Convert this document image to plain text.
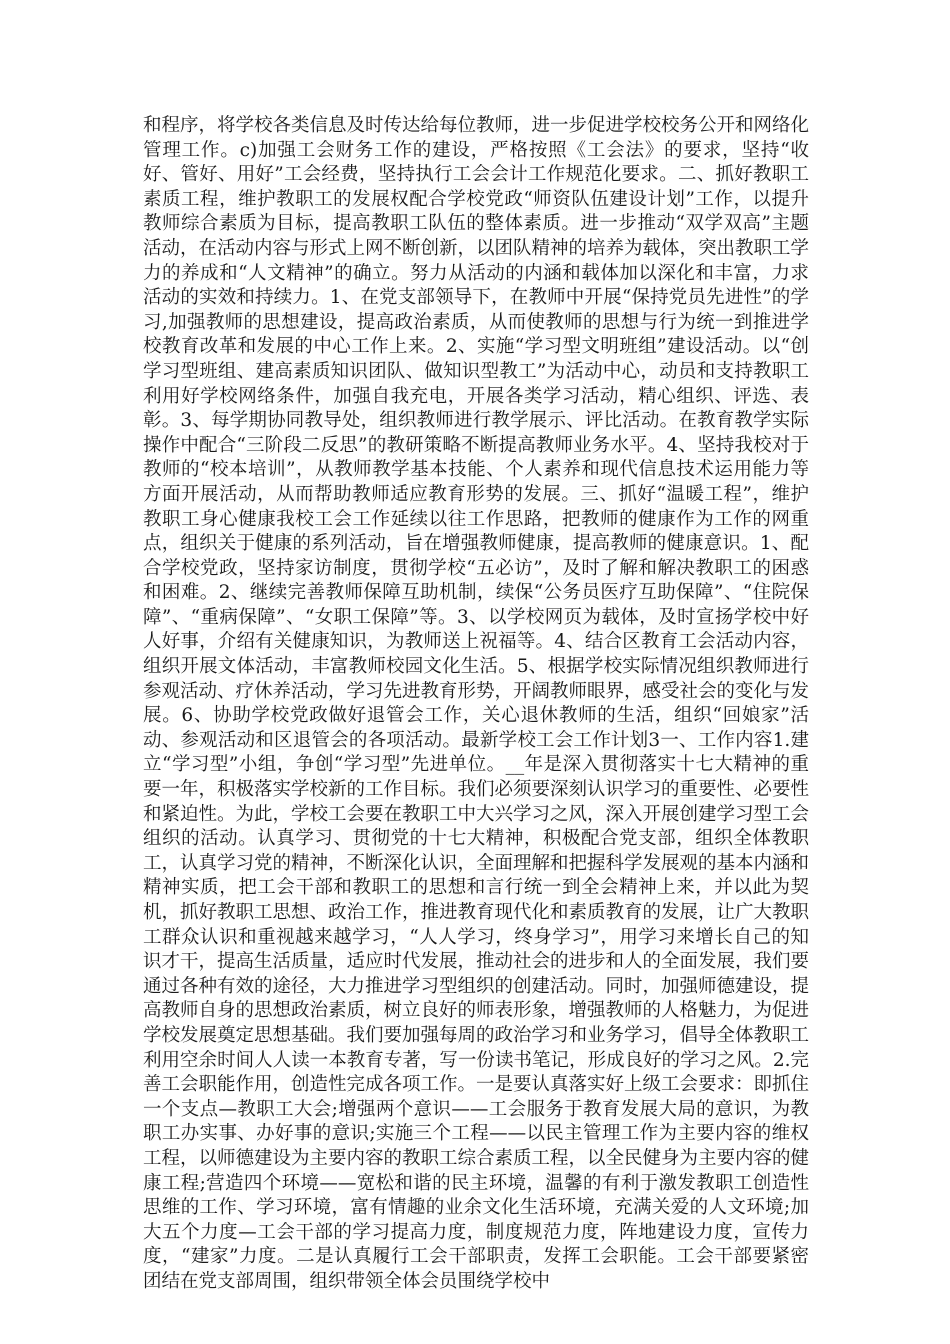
和程序，将学校各类信息及时传达给每位教师，进一步促进学校校务公开和网络化管理工作。c)加强工会财务工作的建设，严格按照《工会法》的要求，坚持“收好、管好、用好”工会经费，坚持执行工会会计工作规范化要求。二、抓好教职工素质工程，维护教职工的发展权配合学校党政“师资队伍建设计划”工作，以提升教师综合素质为目标，提高教职工队伍的整体素质。进一步推动“双学双高”主题活动，在活动内容与形式上网不断创新，以团队精神的培养为载体，突出教职工学力的养成和“人文精神”的确立。努力从活动的内涵和载体加以深化和丰富，力求活动的实效和持续力。1、在党支部领导下，在教师中开展“保持党员先进性”的学习,加强教师的思想建设，提高政治素质，从而使教师的思想与行为统一到推进学校教育改革和发展的中心工作上来。2、实施“学习型文明班组”建设活动。以“创学习型班组、建高素质知识团队、做知识型教工”为活动中心，动员和支持教职工利用好学校网络条件，加强自我充电，开展各类学习活动，精心组织、评选、表彰。3、每学期协同教导处，组织教师进行教学展示、评比活动。在教育教学实际操作中配合“三阶段二反思”的教研策略不断提高教师业务水平。4、坚持我校对于教师的“校本培训”，从教师教学基本技能、个人素养和现代信息技术运用能力等方面开展活动，从而帮助教师适应教育形势的发展。三、抓好“温暖工程”，维护教职工身心健康我校工会工作延续以往工作思路，把教师的健康作为工作的网重点，组织关于健康的系列活动，旨在增强教师健康，提高教师的健康意识。1、配合学校党政，坚持家访制度，贯彻学校“五必访”，及时了解和解决教职工的困惑和困难。2、继续完善教师保障互助机制，续保“公务员医疗互助保障”、“住院保障”、“重病保障”、“女职工保障”等。3、以学校网页为载体，及时宣扬学校中好人好事，介绍有关健康知识，为教师送上祝福等。4、结合区教育工会活动内容，组织开展文体活动，丰富教师校园文化生活。5、根据学校实际情况组织教师进行参观活动、疗休养活动，学习先进教育形势，开阔教师眼界，感受社会的变化与发展。6、协助学校党政做好退管会工作，关心退休教师的生活，组织“回娘家”活动、参观活动和区退管会的各项活动。最新学校工会工作计划3一、工作内容1.建立“学习型”小组，争创“学习型”先进单位。__年是深入贯彻落实十七大精神的重要一年，积极落实学校新的工作目标。我们必须要深刻认识学习的重要性、必要性和紧迫性。为此，学校工会要在教职工中大兴学习之风，深入开展创建学习型工会组织的活动。认真学习、贯彻党的十七大精神，积极配合党支部，组织全体教职工，认真学习党的精神，不断深化认识，全面理解和把握科学发展观的基本内涵和精神实质，把工会干部和教职工的思想和言行统一到全会精神上来，并以此为契机，抓好教职工思想、政治工作，推进教育现代化和素质教育的发展，让广大教职工群众认识和重视越来越学习，“人人学习，终身学习”，用学习来增长自己的知识才干，提高生活质量，适应时代发展，推动社会的进步和人的全面发展，我们要通过各种有效的途径，大力推进学习型组织的创建活动。同时，加强师德建设，提高教师自身的思想政治素质，树立良好的师表形象，增强教师的人格魅力，为促进学校发展奠定思想基础。我们要加强每周的政治学习和业务学习，倡导全体教职工利用空余时间人人读一本教育专著，写一份读书笔记，形成良好的学习之风。2.完善工会职能作用，创造性完成各项工作。一是要认真落实好上级工会要求：即抓住一个支点—教职工大会;增强两个意识——工会服务于教育发展大局的意识，为教职工办实事、办好事的意识;实施三个工程——以民主管理工作为主要内容的维权工程，以师德建设为主要内容的教职工综合素质工程，以全民健身为主要内容的健康工程;营造四个环境——宽松和谐的民主环境，温馨的有利于激发教职工创造性思维的工作、学习环境，富有情趣的业余文化生活环境，充满关爱的人文环境;加大五个力度—工会干部的学习提高力度，制度规范力度，阵地建设力度，宣传力度，“建家”力度。二是认真履行工会干部职责，发挥工会职能。工会干部要紧密团结在党支部周围，组织带领全体会员围绕学校中
